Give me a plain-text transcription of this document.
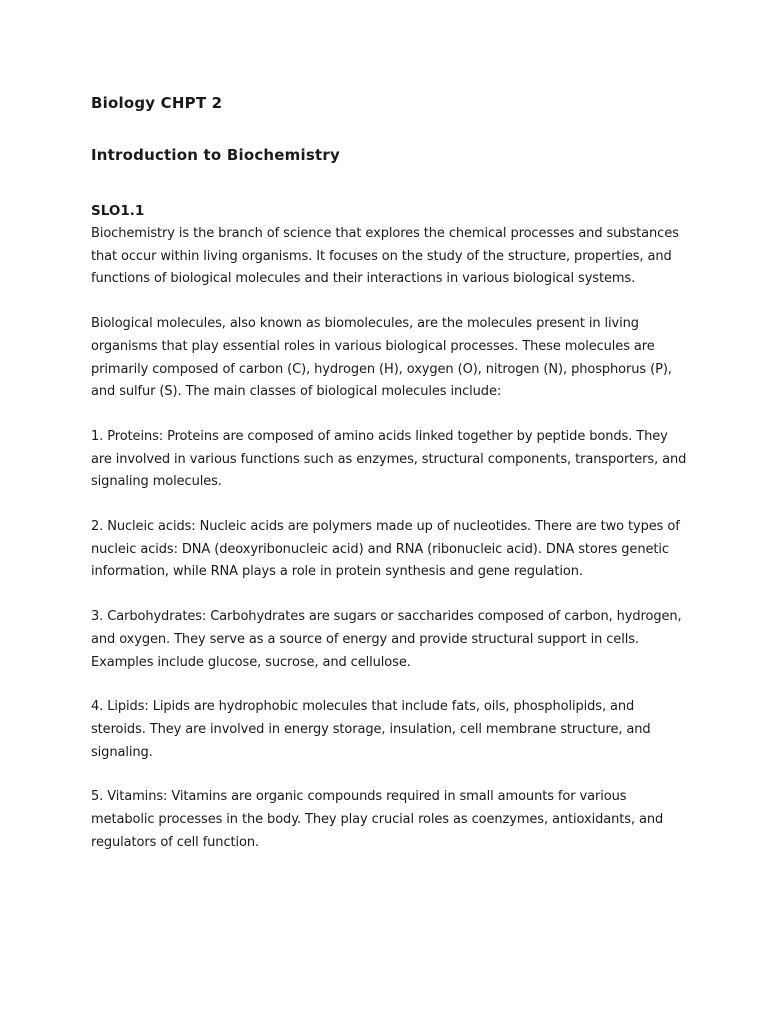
Biology CHPT 2
Introduction to Biochemistry

SLO1.1

Biochemistry is the branch of science that explores the chemical processes and substances that occur within living organisms. It focuses on the study of the structure, properties, and functions of biological molecules and their interactions in various biological systems.

Biological molecules, also known as biomolecules, are the molecules present in living organisms that play essential roles in various biological processes. These molecules are primarily composed of carbon (C), hydrogen (H), oxygen (O), nitrogen (N), phosphorus (P), and sulfur (S). The main classes of biological molecules include:

1. Proteins: Proteins are composed of amino acids linked together by peptide bonds. They are involved in various functions such as enzymes, structural components, transporters, and signaling molecules.

2. Nucleic acids: Nucleic acids are polymers made up of nucleotides. There are two types of nucleic acids: DNA (deoxyribonucleic acid) and RNA (ribonucleic acid). DNA stores genetic information, while RNA plays a role in protein synthesis and gene regulation.

3. Carbohydrates: Carbohydrates are sugars or saccharides composed of carbon, hydrogen, and oxygen. They serve as a source of energy and provide structural support in cells. Examples include glucose, sucrose, and cellulose.

4. Lipids: Lipids are hydrophobic molecules that include fats, oils, phospholipids, and steroids. They are involved in energy storage, insulation, cell membrane structure, and signaling.

5. Vitamins: Vitamins are organic compounds required in small amounts for various metabolic processes in the body. They play crucial roles as coenzymes, antioxidants, and regulators of cell function.
